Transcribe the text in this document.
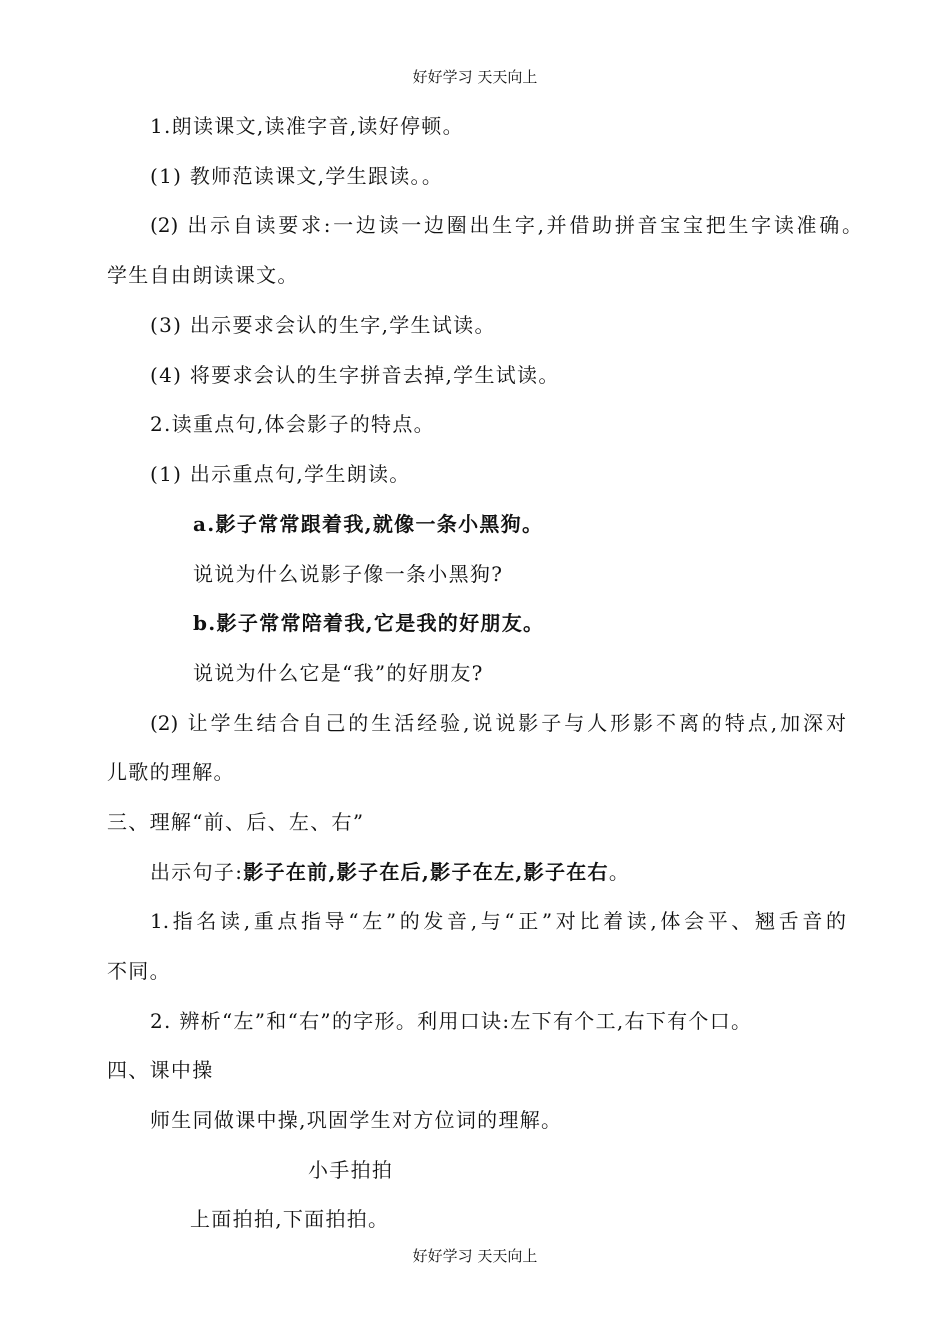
好好学习 天天向上
1.朗读课文,读准字音,读好停顿。
(1) 教师范读课文,学生跟读。。
(2) 出示自读要求:一边读一边圈出生字,并借助拼音宝宝把生字读准确。
学生自由朗读课文。
(3) 出示要求会认的生字,学生试读。
(4) 将要求会认的生字拼音去掉,学生试读。
2.读重点句,体会影子的特点。
(1) 出示重点句,学生朗读。
a.影子常常跟着我,就像一条小黑狗。
说说为什么说影子像一条小黑狗?
b.影子常常陪着我,它是我的好朋友。
说说为什么它是“我”的好朋友?
(2) 让学生结合自己的生活经验,说说影子与人形影不离的特点,加深对
儿歌的理解。
三、理解“前、后、左、右”
出示句子:影子在前,影子在后,影子在左,影子在右。
1.指名读,重点指导“左”的发音,与“正”对比着读,体会平、翘舌音的
不同。
2. 辨析“左”和“右”的字形。利用口诀:左下有个工,右下有个口。
四、课中操
师生同做课中操,巩固学生对方位词的理解。
小手拍拍
上面拍拍,下面拍拍。
好好学习 天天向上
